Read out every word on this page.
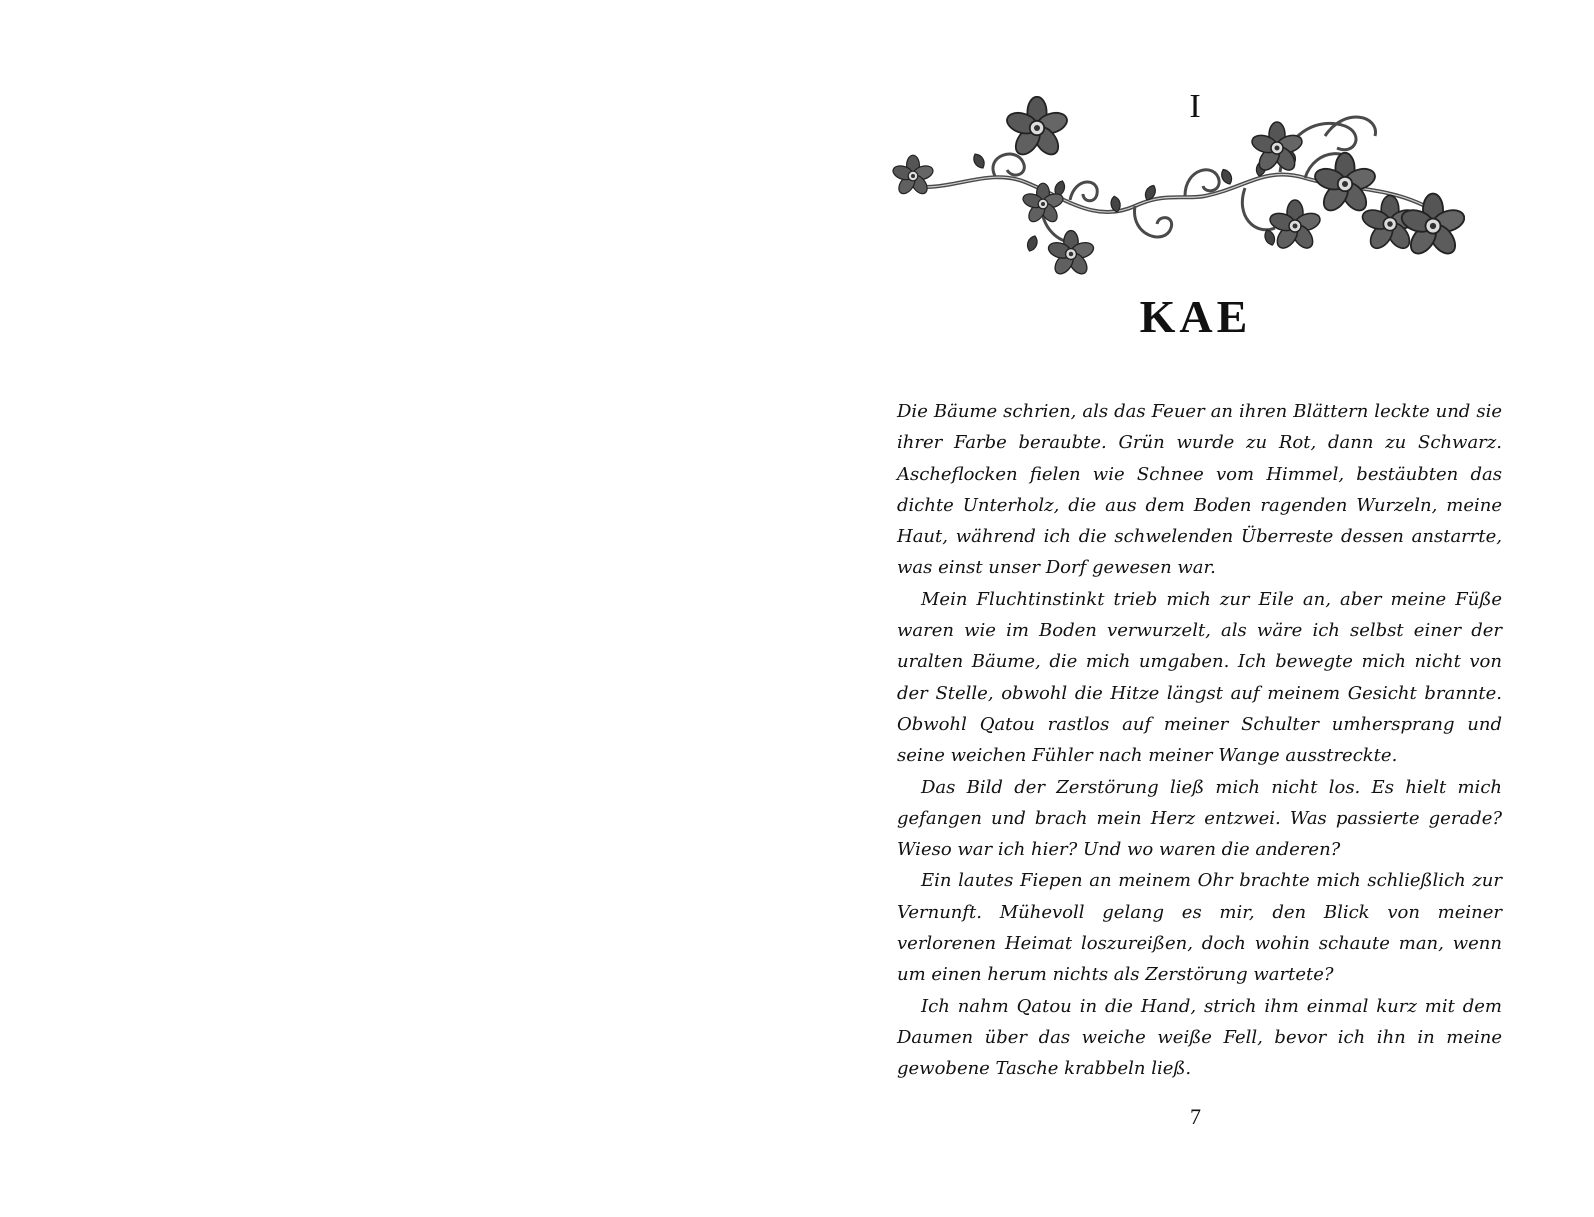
I
KAE

Die Bäume schrien, als das Feuer an ihren Blättern leckte und sie ihrer Farbe beraubte. Grün wurde zu Rot, dann zu Schwarz. Ascheflocken fielen wie Schnee vom Himmel, bestäubten das dichte Unterholz, die aus dem Boden ragenden Wurzeln, meine Haut, während ich die schwelenden Überreste dessen anstarrte, was einst unser Dorf gewesen war.

Mein Fluchtinstinkt trieb mich zur Eile an, aber meine Füße waren wie im Boden verwurzelt, als wäre ich selbst einer der uralten Bäume, die mich umgaben. Ich bewegte mich nicht von der Stelle, obwohl die Hitze längst auf meinem Gesicht brannte. Obwohl Qatou rastlos auf meiner Schulter umhersprang und seine weichen Fühler nach meiner Wange ausstreckte.

Das Bild der Zerstörung ließ mich nicht los. Es hielt mich gefangen und brach mein Herz entzwei. Was passierte gerade? Wieso war ich hier? Und wo waren die anderen?

Ein lautes Fiepen an meinem Ohr brachte mich schließlich zur Vernunft. Mühevoll gelang es mir, den Blick von meiner verlorenen Heimat loszureißen, doch wohin schaute man, wenn um einen herum nichts als Zerstörung wartete?

Ich nahm Qatou in die Hand, strich ihm einmal kurz mit dem Daumen über das weiche weiße Fell, bevor ich ihn in meine gewobene Tasche krabbeln ließ.

7
